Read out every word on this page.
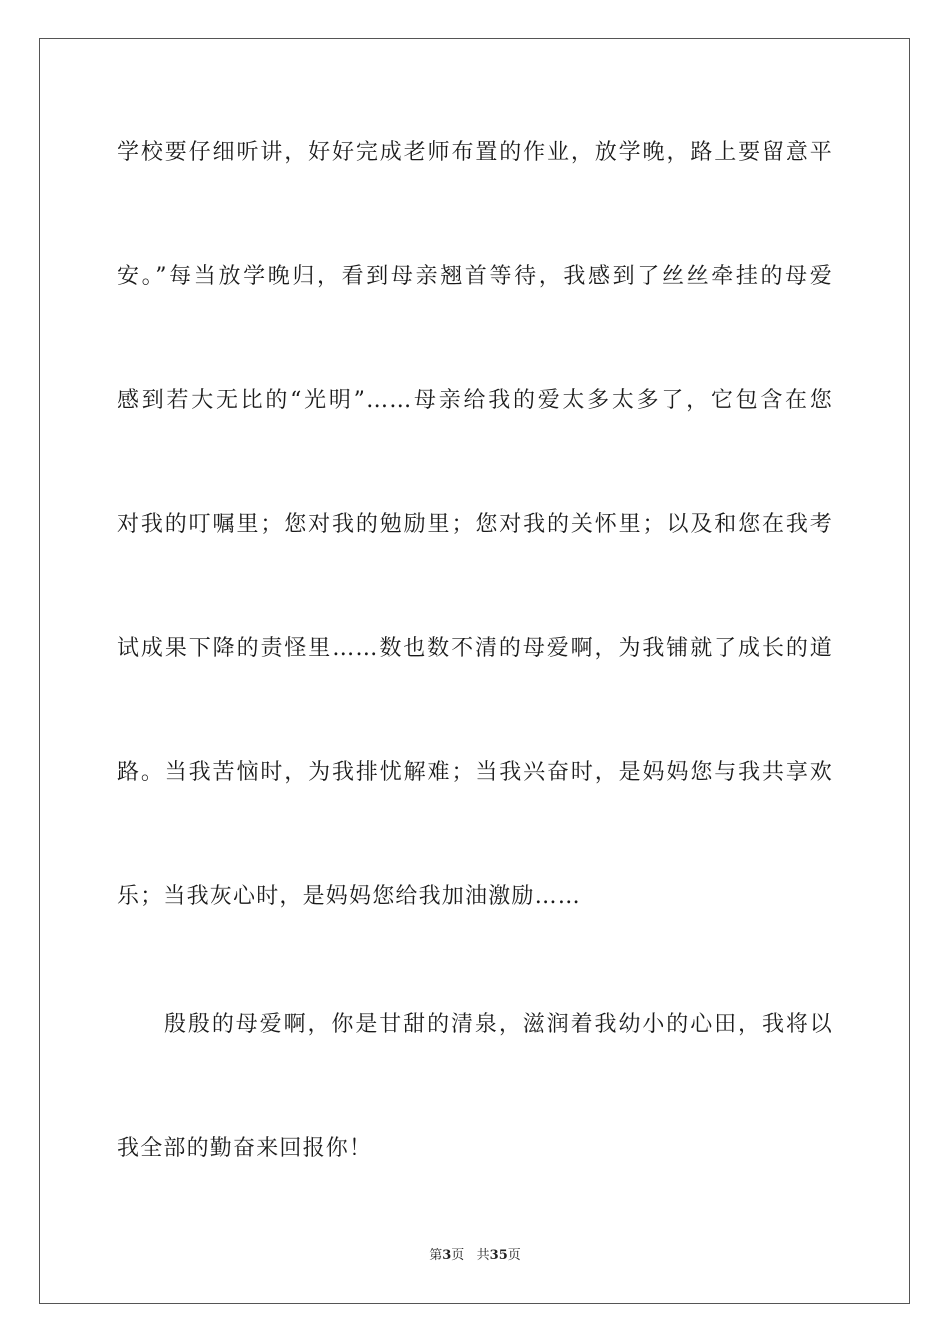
学校要仔细听讲，好好完成老师布置的作业，放学晚，路上要留意平
安。”每当放学晚归，看到母亲翘首等待，我感到了丝丝牵挂的母爱
感到若大无比的“光明”……母亲给我的爱太多太多了，它包含在您
对我的叮嘱里；您对我的勉励里；您对我的关怀里；以及和您在我考
试成果下降的责怪里……数也数不清的母爱啊，为我铺就了成长的道
路。当我苦恼时，为我排忧解难；当我兴奋时，是妈妈您与我共享欢
乐；当我灰心时，是妈妈您给我加油激励……
殷殷的母爱啊，你是甘甜的清泉，滋润着我幼小的心田，我将以
我全部的勤奋来回报你！
第3页   共35页
